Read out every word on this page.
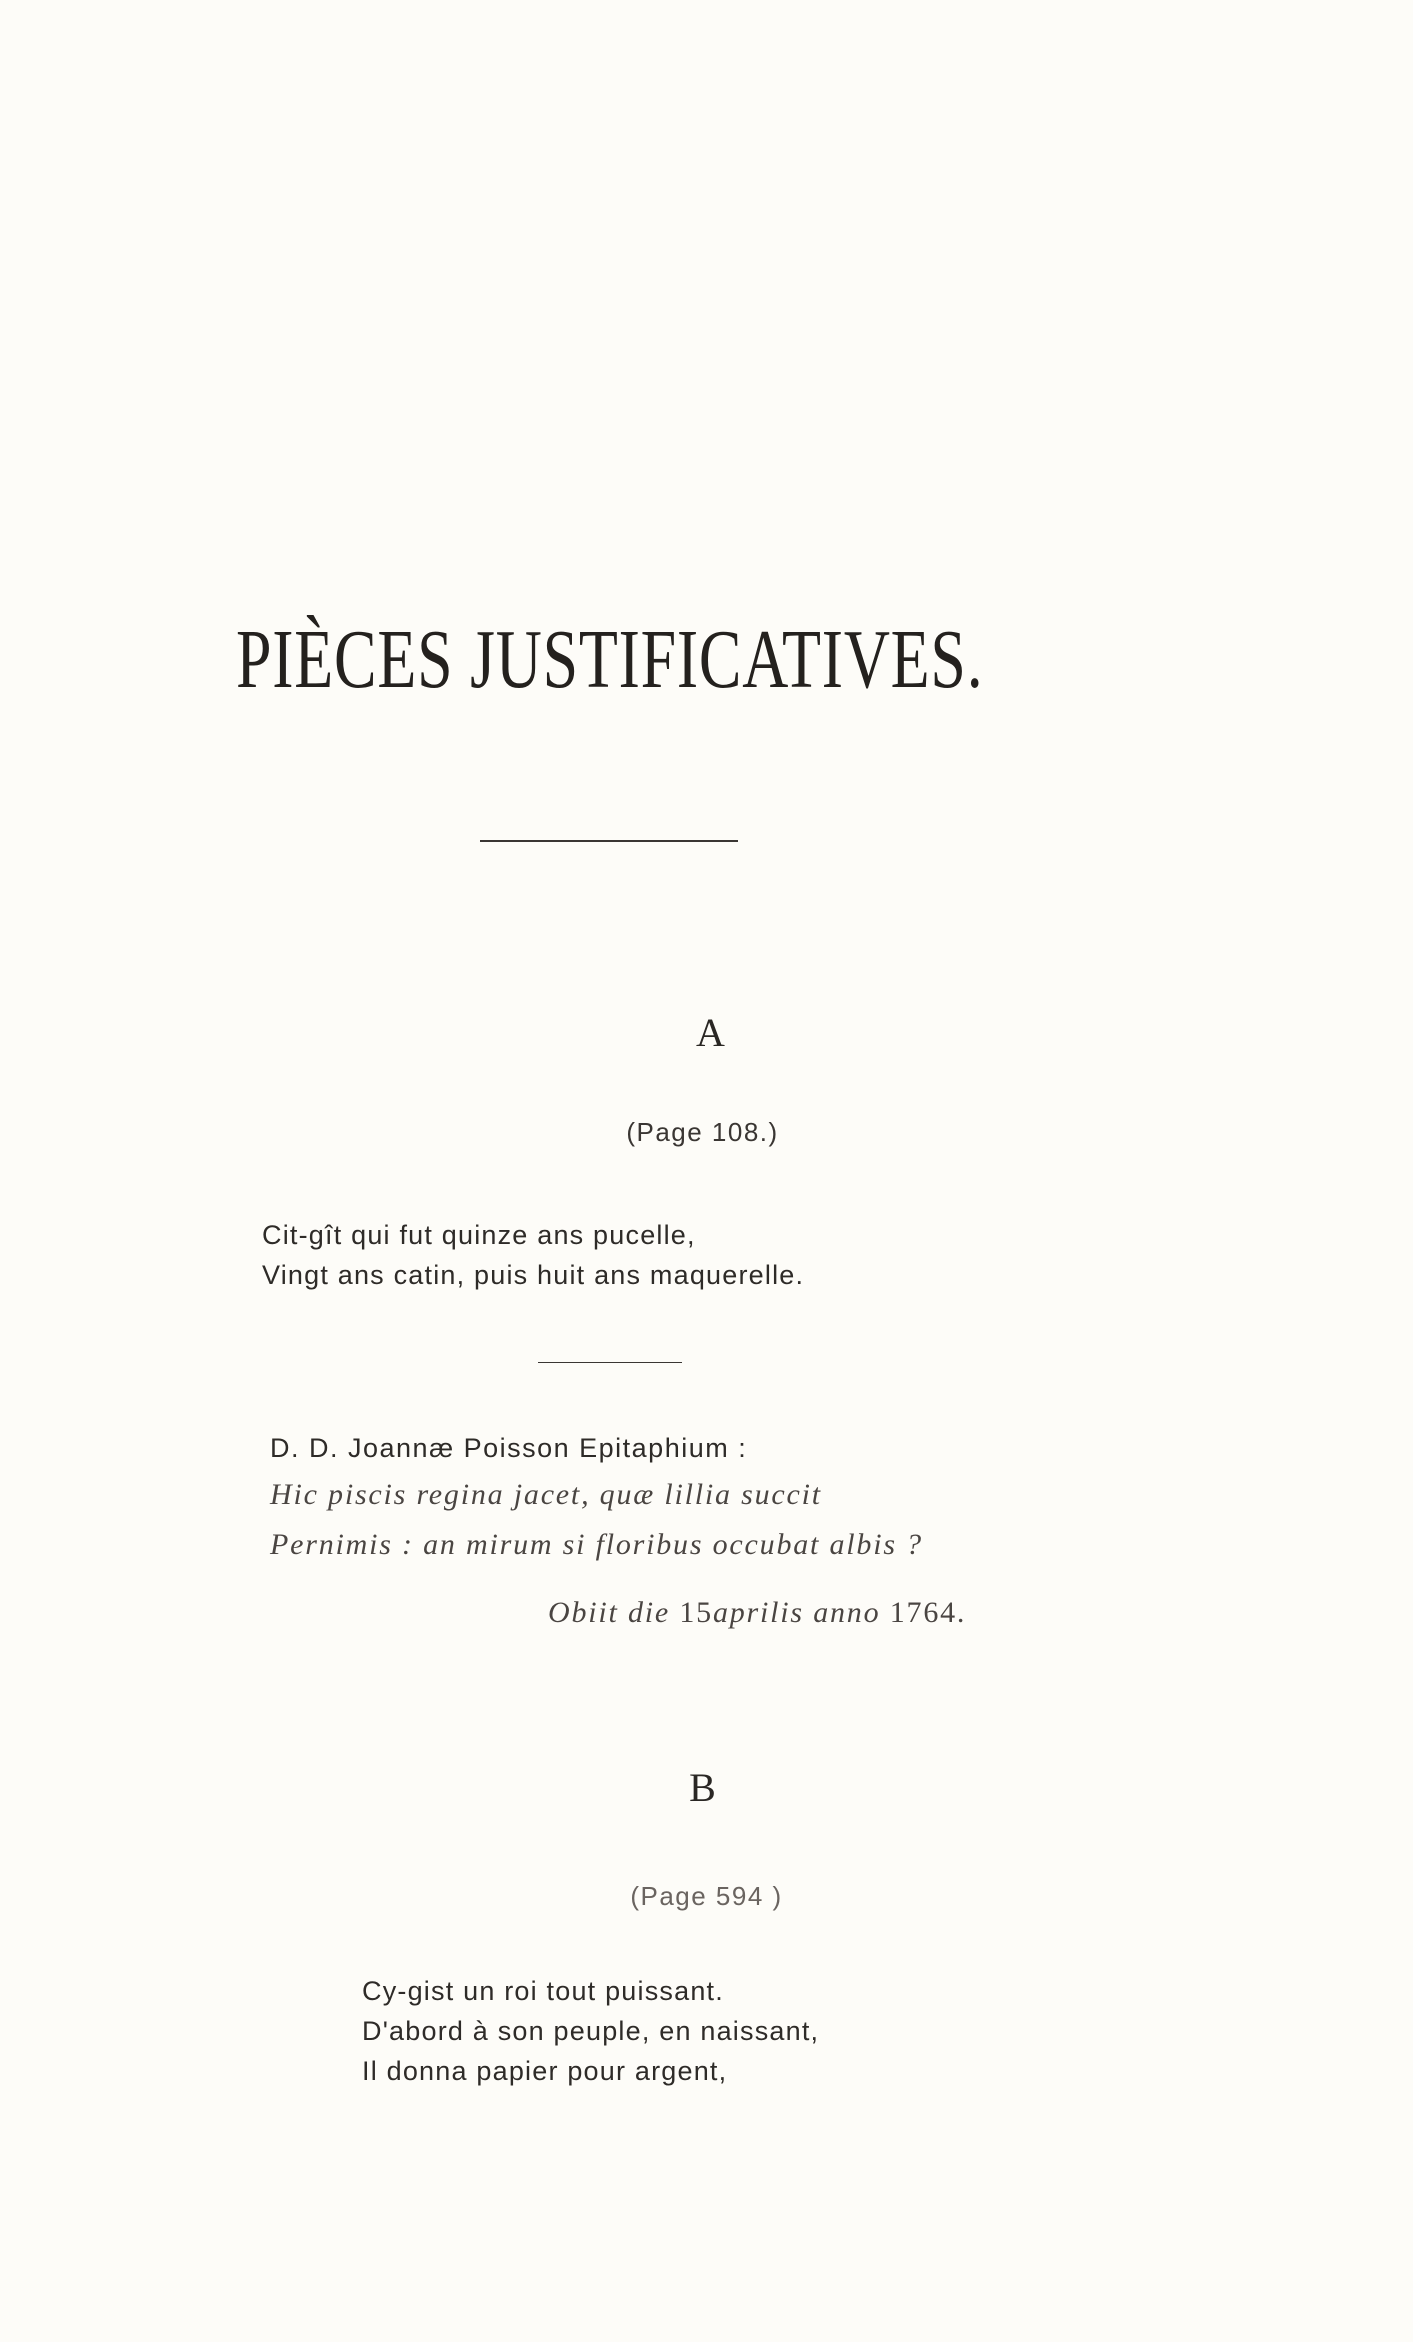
PIÈCES JUSTIFICATIVES.
A
(Page 108.)

Cit-gît qui fut quinze ans pucelle,

Vingt ans catin, puis huit ans maquerelle.

D. D. Joannæ Poisson Epitaphium :

Hic piscis regina jacet, quæ lillia succit

Pernimis : an mirum si floribus occubat albis ?

Obiit die 15aprilis anno 1764.

B
(Page 594 )

Cy-gist un roi tout puissant.

D'abord à son peuple, en naissant,

Il donna papier pour argent,
